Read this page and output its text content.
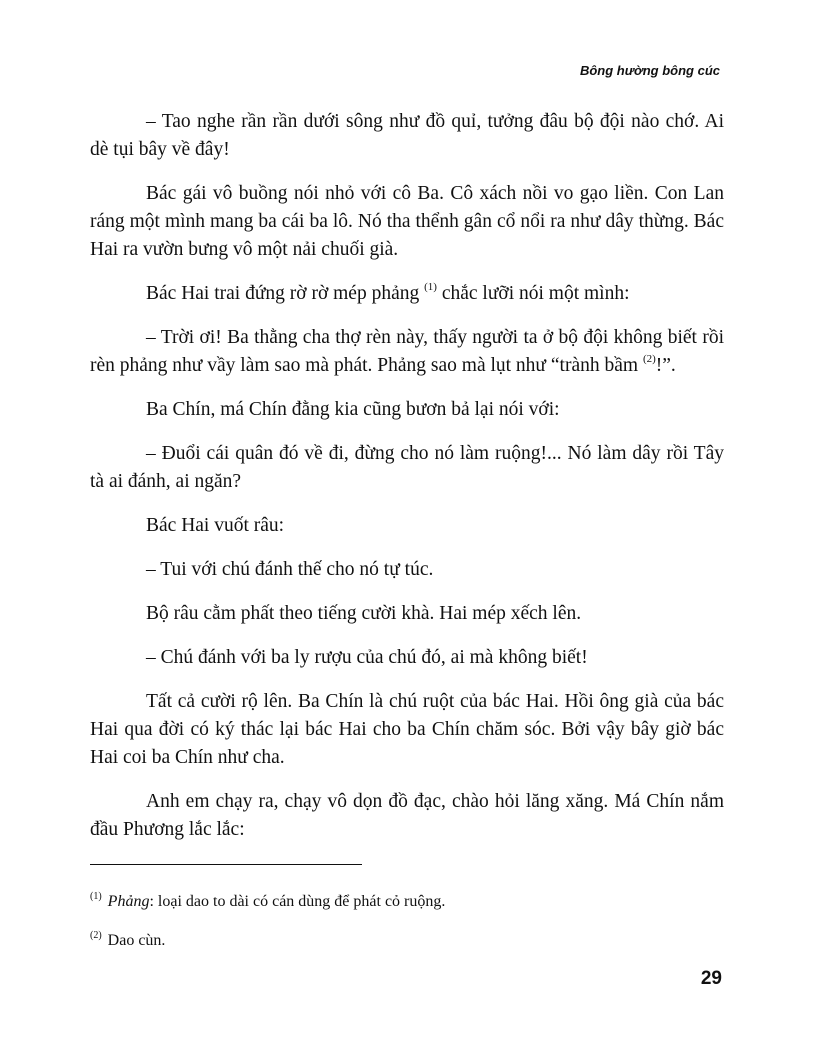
Bông hường bông cúc

– Tao nghe rần rần dưới sông như đồ quỉ, tưởng đâu bộ đội nào chớ. Ai dè tụi bây về đây!

Bác gái vô buồng nói nhỏ với cô Ba. Cô xách nồi vo gạo liền. Con Lan ráng một mình mang ba cái ba lô. Nó tha thểnh gân cổ nổi ra như dây thừng. Bác Hai ra vườn bưng vô một nải chuối già.

Bác Hai trai đứng rờ rờ mép phảng $^{(1)}$ chắc lưỡi nói một mình:

– Trời ơi! Ba thằng cha thợ rèn này, thấy người ta ở bộ đội không biết rồi rèn phảng như vầy làm sao mà phát. Phảng sao mà lụt như “trành bầm $^{(2)}$!”.

Ba Chín, má Chín đằng kia cũng bươn bả lại nói với:

– Đuổi cái quân đó về đi, đừng cho nó làm ruộng!... Nó làm dây rồi Tây tà ai đánh, ai ngăn?

Bác Hai vuốt râu:

– Tui với chú đánh thế cho nó tự túc.

Bộ râu cằm phất theo tiếng cười khà. Hai mép xếch lên.

– Chú đánh với ba ly rượu của chú đó, ai mà không biết!

Tất cả cười rộ lên. Ba Chín là chú ruột của bác Hai. Hồi ông già của bác Hai qua đời có ký thác lại bác Hai cho ba Chín chăm sóc. Bởi vậy bây giờ bác Hai coi ba Chín như cha.

Anh em chạy ra, chạy vô dọn đồ đạc, chào hỏi lăng xăng. Má Chín nắm đầu Phương lắc lắc:

$^{(1)}$ Phảng: loại dao to dài có cán dùng để phát cỏ ruộng.

$^{(2)}$ Dao cùn.

29
